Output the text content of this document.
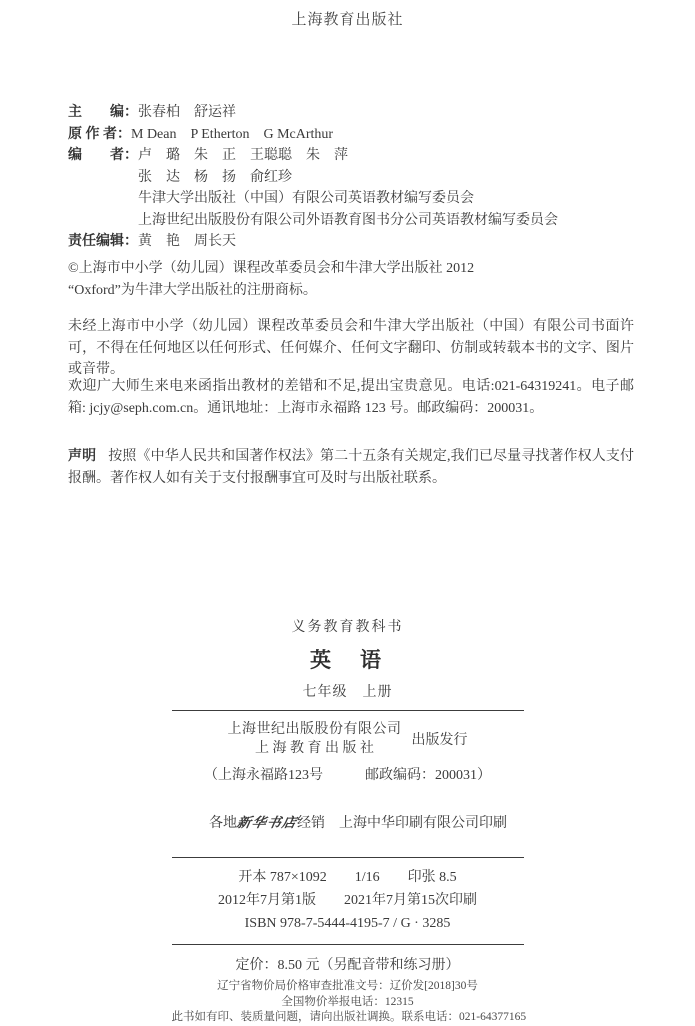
上海教育出版社
主　　编： 张春柏　舒运祥
原 作 者： M Dean　P Etherton　G McArthur
编　　者： 卢　璐　朱　正　王聪聪　朱　萍
张　达　杨　扬　俞红珍
牛津大学出版社（中国）有限公司英语教材编写委员会
上海世纪出版股份有限公司外语教育图书分公司英语教材编写委员会
责任编辑： 黄　艳　周长天
©上海市中小学（幼儿园）课程改革委员会和牛津大学出版社 2012
“Oxford”为牛津大学出版社的注册商标。
未经上海市中小学（幼儿园）课程改革委员会和牛津大学出版社（中国）有限公司书面许可，不得在任何地区以任何形式、任何媒介、任何文字翻印、仿制或转载本书的文字、图片或音带。
欢迎广大师生来电来函指出教材的差错和不足,提出宝贵意见。电话:021-64319241。电子邮箱: jcjy@seph.com.cn。通讯地址：上海市永福路 123 号。邮政编码：200031。
声明 按照《中华人民共和国著作权法》第二十五条有关规定,我们已尽量寻找著作权人支付报酬。著作权人如有关于支付报酬事宜可及时与出版社联系。
义务教育教科书
英　语
七年级　上册
上海世纪出版股份有限公司
上 海 教 育 出 版 社
出版发行
（上海永福路123号　　　邮政编码：200031）

各地新华书店经销 上海中华印刷有限公司印刷

开本 787×1092　　1/16　　印张 8.5
2012年7月第1版　　2021年7月第15次印刷
ISBN 978-7-5444-4195-7 / G · 3285
定价：8.50 元（另配音带和练习册）
辽宁省物价局价格审查批准文号：辽价发[2018]30号
全国物价举报电话：12315
此书如有印、装质量问题，请向出版社调换。联系电话：021-64377165
